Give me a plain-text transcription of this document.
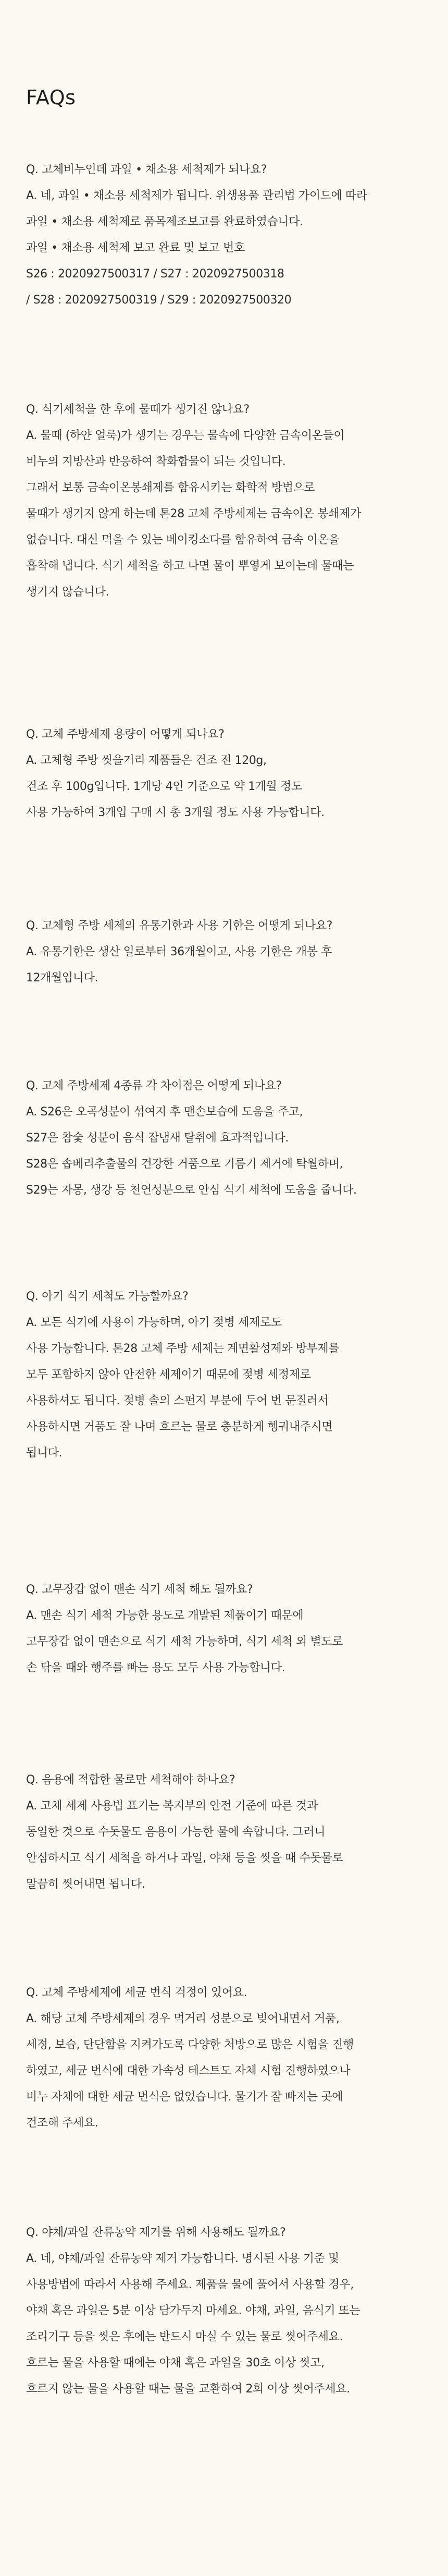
FAQs

Q. 고체비누인데 과일 • 채소용 세척제가 되나요?

A. 네, 과일 • 채소용 세척제가 됩니다. 위생용품 관리법 가이드에 따라

과일 • 채소용 세척제로 품목제조보고를 완료하였습니다.

과일 • 채소용 세척제 보고 완료 및 보고 번호

S26 : 2020927500317 / S27 : 2020927500318

/ S28 : 2020927500319 / S29 : 2020927500320

Q. 식기세척을 한 후에 물때가 생기진 않나요?

A. 물때 (하얀 얼룩)가 생기는 경우는 물속에 다양한 금속이온들이

비누의 지방산과 반응하여 착화합물이 되는 것입니다.

그래서 보통 금속이온봉쇄제를 함유시키는 화학적 방법으로

물때가 생기지 않게 하는데 톤28 고체 주방세제는 금속이온 봉쇄제가

없습니다. 대신 먹을 수 있는 베이킹소다를 함유하여 금속 이온을

흡착해 냅니다. 식기 세척을 하고 나면 물이 뿌옇게 보이는데 물때는

생기지 않습니다.

Q. 고체 주방세제 용량이 어떻게 되나요?

A. 고체형 주방 씻을거리 제품들은 건조 전 120g,

건조 후 100g입니다. 1개당 4인 기준으로 약 1개월 정도

사용 가능하여 3개입 구매 시 총 3개월 정도 사용 가능합니다.

Q. 고체형 주방 세제의 유통기한과 사용 기한은 어떻게 되나요?

A. 유통기한은 생산 일로부터 36개월이고, 사용 기한은 개봉 후

12개월입니다.

Q. 고체 주방세제 4종류 각 차이점은 어떻게 되나요?

A. S26은 오곡성분이 섞여지 후 맨손보습에 도움을 주고,

S27은 참숯 성분이 음식 잡냄새 탈취에 효과적입니다.

S28은 솝베리추출물의 건강한 거품으로 기름기 제거에 탁월하며,

S29는 자몽, 생강 등 천연성분으로 안심 식기 세척에 도움을 줍니다.

Q. 아기 식기 세척도 가능할까요?

A. 모든 식기에 사용이 가능하며, 아기 젖병 세제로도

사용 가능합니다. 톤28 고체 주방 세제는 계면활성제와 방부제를

모두 포함하지 않아 안전한 세제이기 때문에 젖병 세정제로

사용하셔도 됩니다. 젖병 솔의 스펀지 부분에 두어 번 문질러서

사용하시면 거품도 잘 나며 흐르는 물로 충분하게 헹궈내주시면

됩니다.

Q. 고무장갑 없이 맨손 식기 세척 해도 될까요?

A. 맨손 식기 세척 가능한 용도로 개발된 제품이기 때문에

고무장갑 없이 맨손으로 식기 세척 가능하며, 식기 세척 외 별도로

손 닦을 때와 행주를 빠는 용도 모두 사용 가능합니다.

Q. 음용에 적합한 물로만 세척해야 하나요?

A. 고체 세제 사용법 표기는 복지부의 안전 기준에 따른 것과

동일한 것으로 수돗물도 음용이 가능한 물에 속합니다. 그러니

안심하시고 식기 세척을 하거나 과일, 야채 등을 씻을 때 수돗물로

말끔히 씻어내면 됩니다.

Q. 고체 주방세제에 세균 번식 걱정이 있어요.

A. 해당 고체 주방세제의 경우 먹거리 성분으로 빚어내면서 거품,

세정, 보습, 단단함을 지켜가도록 다양한 처방으로 많은 시험을 진행

하였고, 세균 번식에 대한 가속성 테스트도 자체 시험 진행하였으나

비누 자체에 대한 세균 번식은 없었습니다. 물기가 잘 빠지는 곳에

건조해 주세요.

Q. 야채/과일 잔류농약 제거를 위해 사용해도 될까요?

A. 네, 야채/과일 잔류농약 제거 가능합니다. 명시된 사용 기준 및

사용방법에 따라서 사용해 주세요. 제품을 물에 풀어서 사용할 경우,

야채 혹은 과일은 5분 이상 담가두지 마세요. 야채, 과일, 음식기 또는

조리기구 등을 씻은 후에는 반드시 마실 수 있는 물로 씻어주세요.

흐르는 물을 사용할 때에는 야채 혹은 과일을 30초 이상 씻고,

흐르지 않는 물을 사용할 때는 물을 교환하여 2회 이상 씻어주세요.
